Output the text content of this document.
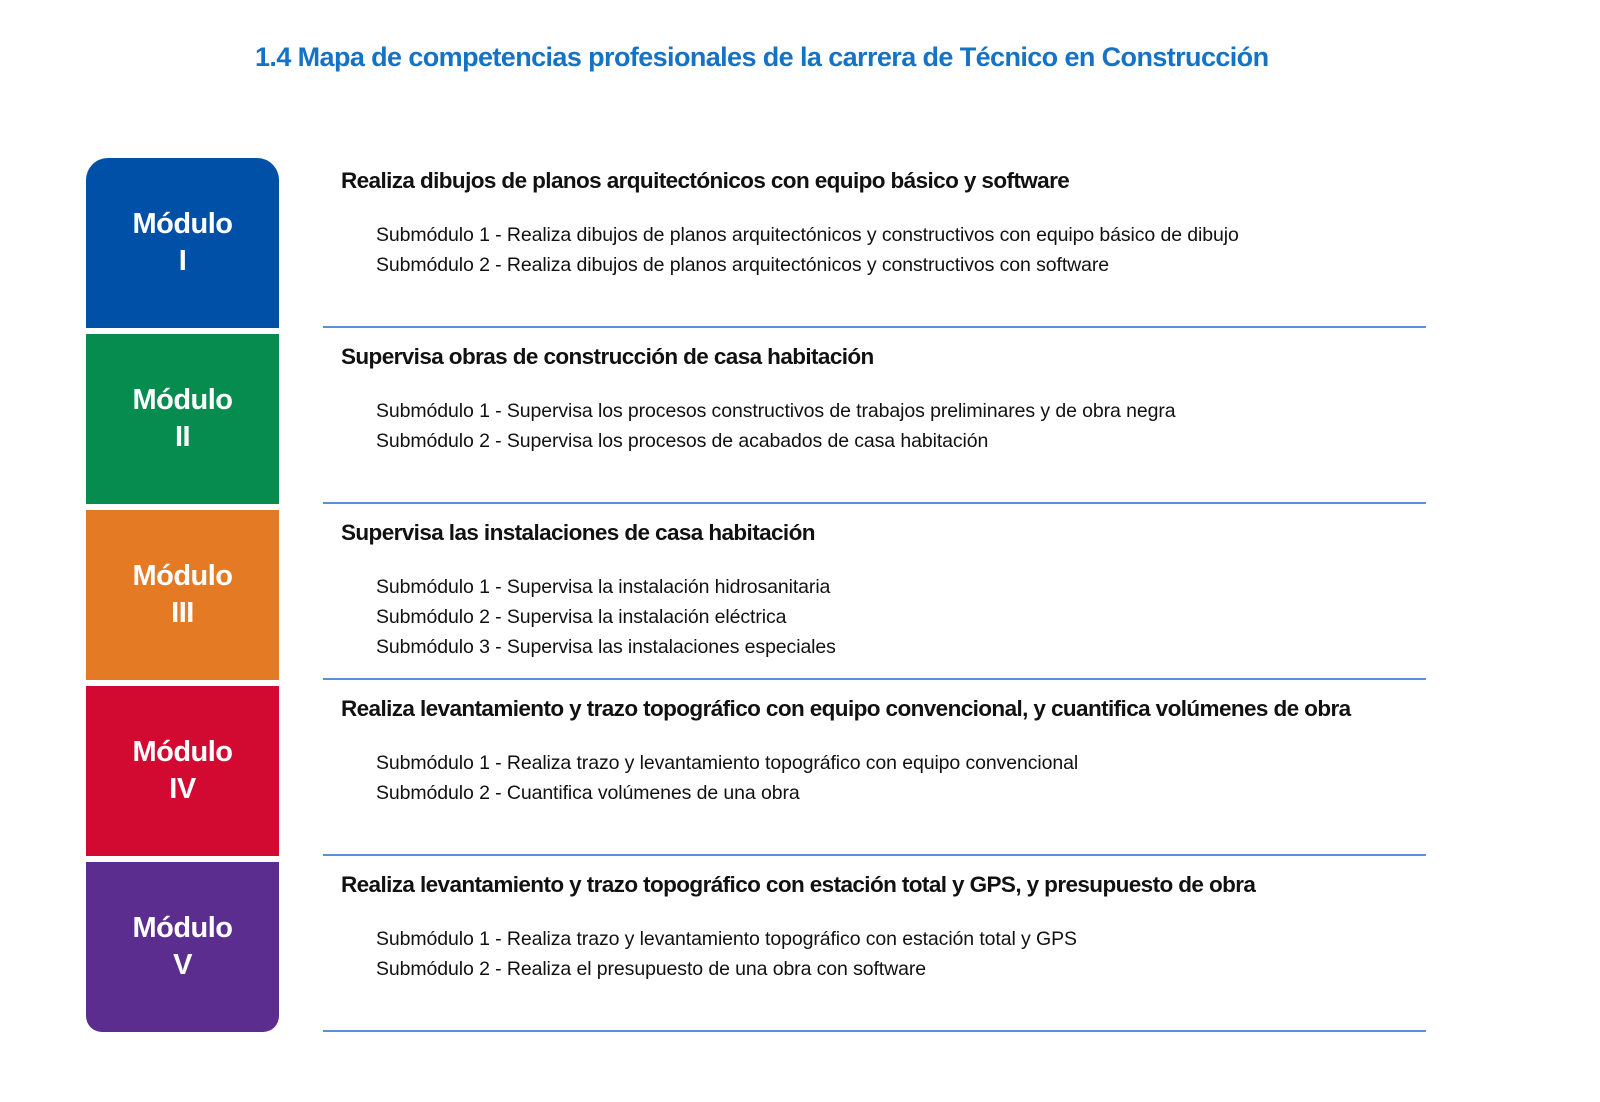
1.4 Mapa de competencias profesionales de la carrera de Técnico en Construcción
Módulo
I
Realiza dibujos de planos arquitectónicos con equipo básico y software
Submódulo 1 - Realiza dibujos de planos arquitectónicos y constructivos con equipo básico de dibujo
Submódulo 2 - Realiza dibujos de planos arquitectónicos y constructivos con software
Módulo
II
Supervisa obras de construcción de casa habitación
Submódulo 1 - Supervisa los procesos constructivos de trabajos preliminares y de obra negra
Submódulo 2 - Supervisa los procesos de acabados de casa habitación
Módulo
III
Supervisa las instalaciones de casa habitación
Submódulo 1 - Supervisa la instalación hidrosanitaria
Submódulo 2 - Supervisa la instalación eléctrica
Submódulo 3 - Supervisa las instalaciones especiales
Módulo
IV
Realiza levantamiento y trazo topográfico con equipo convencional, y cuantifica volúmenes de obra
Submódulo 1 - Realiza trazo y levantamiento topográfico con equipo convencional
Submódulo 2 - Cuantifica volúmenes de una obra
Módulo
V
Realiza levantamiento y trazo topográfico con estación total y GPS, y presupuesto de obra
Submódulo 1 - Realiza trazo y levantamiento topográfico con estación total y GPS
Submódulo 2 - Realiza el presupuesto de una obra con software
